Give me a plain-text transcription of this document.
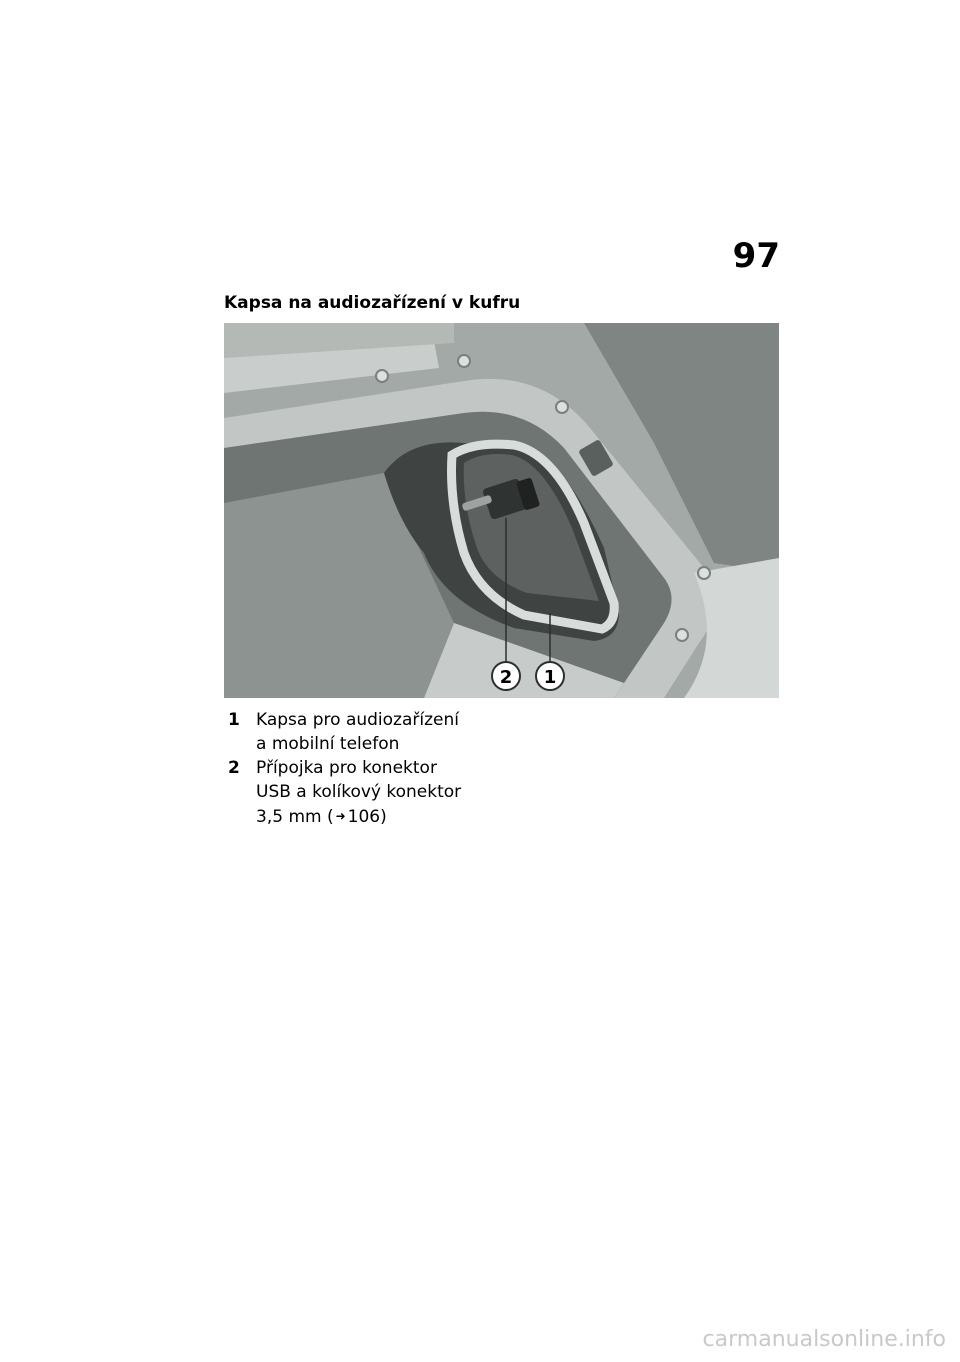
97
Kapsa na audiozařízení v kufru
2 1
1 Kapsa pro audiozařízení
a mobilní telefon
2 Přípojka pro konektor
USB a kolíkový konektor
3,5 mm ( ➜ 106)
carmanualsonline.info
